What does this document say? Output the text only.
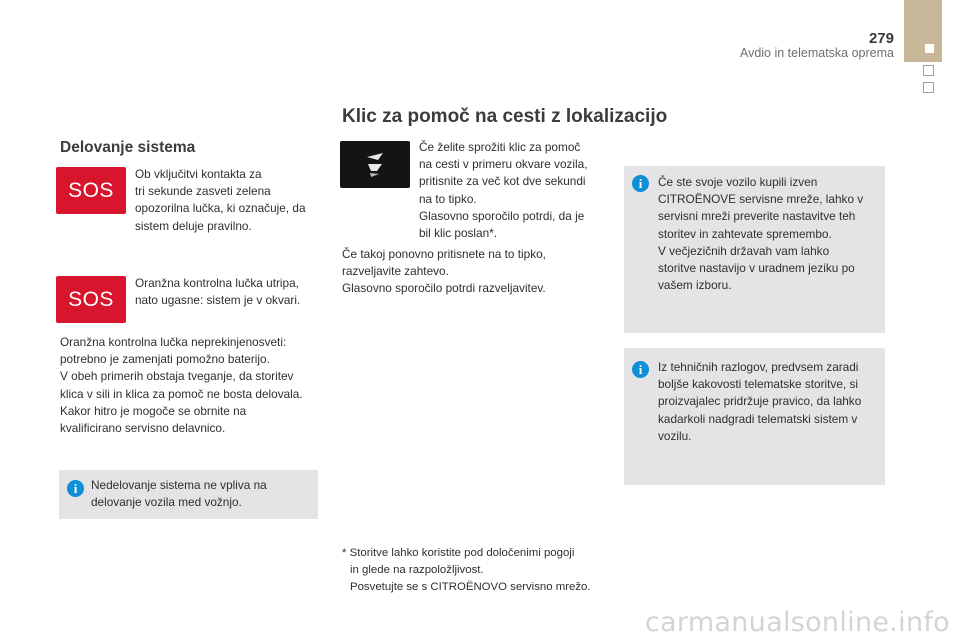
279
Avdio in telematska oprema
Delovanje sistema
SOS

Ob vključitvi kontakta za

tri sekunde zasveti zelena

opozorilna lučka, ki označuje, da

sistem deluje pravilno.

SOS

Oranžna kontrolna lučka utripa,

nato ugasne: sistem je v okvari.

Oranžna kontrolna lučka neprekinjenosveti:

potrebno je zamenjati pomožno baterijo.

V obeh primerih obstaja tveganje, da storitev

klica v sili in klica za pomoč ne bosta delovala.

Kakor hitro je mogoče se obrnite na

kvalificirano servisno delavnico.

i	Nedelovanje sistema ne vpliva na

delovanje vozila med vožnjo.

Klic za pomoč na cesti z lokalizacijo

Če želite sprožiti klic za pomoč

na cesti v primeru okvare vozila,

pritisnite za več kot dve sekundi

na to tipko.

Glasovno sporočilo potrdi, da je

bil klic poslan*.

Če takoj ponovno pritisnete na to tipko,

razveljavite zahtevo.

Glasovno sporočilo potrdi razveljavitev.

* Storitve lahko koristite pod določenimi pogoji

in glede na razpoložljivost.

Posvetujte se s CITROËNOVO servisno mrežo.

i	Če ste svoje vozilo kupili izven

CITROËNOVE servisne mreže, lahko v

servisni mreži preverite nastavitve teh

storitev in zahtevate spremembo.

V večjezičnih državah vam lahko

storitve nastavijo v uradnem jeziku po

vašem izboru.

i	Iz tehničnih razlogov, predvsem zaradi

boljše kakovosti telematske storitve, si

proizvajalec pridržuje pravico, da lahko

kadarkoli nadgradi telematski sistem v

vozilu.

carmanualsonline.info
